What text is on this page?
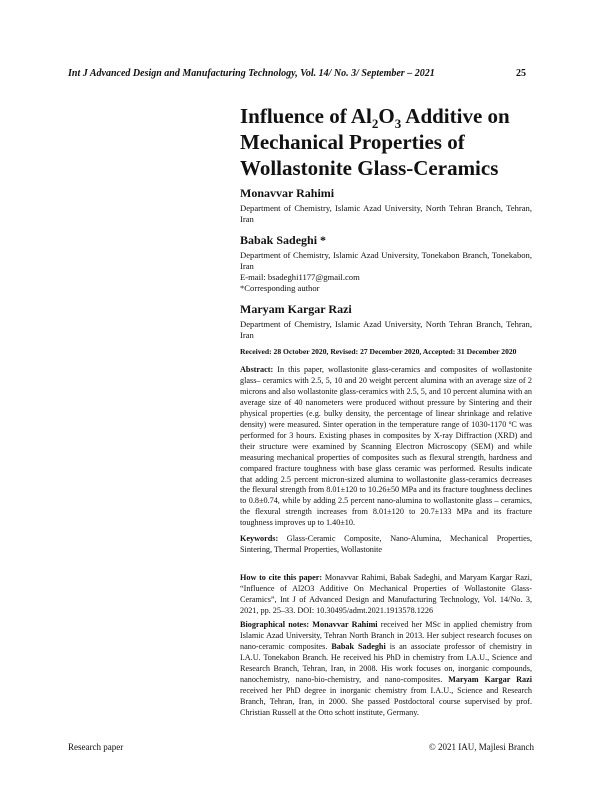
Int J Advanced Design and Manufacturing Technology, Vol. 14/ No. 3/ September – 2021	25
Influence of $Al_2O_3$ Additive on Mechanical Properties of Wollastonite Glass-Ceramics
Monavvar Rahimi
Department of Chemistry, Islamic Azad University, North Tehran Branch, Tehran, Iran
Babak Sadeghi *
Department of Chemistry, Islamic Azad University, Tonekabon Branch, Tonekabon, Iran
E-mail: bsadeghi1177@gmail.com
*Corresponding author
Maryam Kargar Razi
Department of Chemistry, Islamic Azad University, North Tehran Branch, Tehran, Iran
Received: 28 October 2020, Revised: 27 December 2020, Accepted: 31 December 2020
Abstract: In this paper, wollastonite glass-ceramics and composites of wollastonite glass– ceramics with 2.5, 5, 10 and 20 weight percent alumina with an average size of 2 microns and also wollastonite glass-ceramics with 2.5, 5, and 10 percent alumina with an average size of 40 nanometers were produced without pressure by Sintering and their physical properties (e.g. bulky density, the percentage of linear shrinkage and relative density) were measured. Sinter operation in the temperature range of 1030-1170 ºC was performed for 3 hours. Existing phases in composites by X-ray Diffraction (XRD) and their structure were examined by Scanning Electron Microscopy (SEM) and while measuring mechanical properties of composites such as flexural strength, hardness and compared fracture toughness with base glass ceramic was performed. Results indicate that adding 2.5 percent micron-sized alumina to wollastonite glass-ceramics decreases the flexural strength from 8.01±120 to 10.26±50 MPa and its fracture toughness declines to 0.8±0.74, while by adding 2.5 percent nano-alumina to wollastonite glass – ceramics, the flexural strength increases from 8.01±120 to 20.7±133 MPa and its fracture toughness improves up to 1.40±10.
Keywords: Glass-Ceramic Composite, Nano-Alumina, Mechanical Properties, Sintering, Thermal Properties, Wollastonite
How to cite this paper: Monavvar Rahimi, Babak Sadeghi, and Maryam Kargar Razi, “Influence of Al2O3 Additive On Mechanical Properties of Wollastonite Glass-Ceramics”, Int J of Advanced Design and Manufacturing Technology, Vol. 14/No. 3, 2021, pp. 25–33. DOI: 10.30495/admt.2021.1913578.1226
Biographical notes: Monavvar Rahimi received her MSc in applied chemistry from Islamic Azad University, Tehran North Branch in 2013. Her subject research focuses on nano-ceramic composites. Babak Sadeghi is an associate professor of chemistry in I.A.U. Tonekabon Branch. He received his PhD in chemistry from I.A.U., Science and Research Branch, Tehran, Iran, in 2008. His work focuses on, inorganic compounds, nanochemistry, nano-bio-chemistry, and nano-composites. Maryam Kargar Razi received her PhD degree in inorganic chemistry from I.A.U., Science and Research Branch, Tehran, Iran, in 2000. She passed Postdoctoral course supervised by prof. Christian Russell at the Otto schott institute, Germany.
Research paper	© 2021 IAU, Majlesi Branch
